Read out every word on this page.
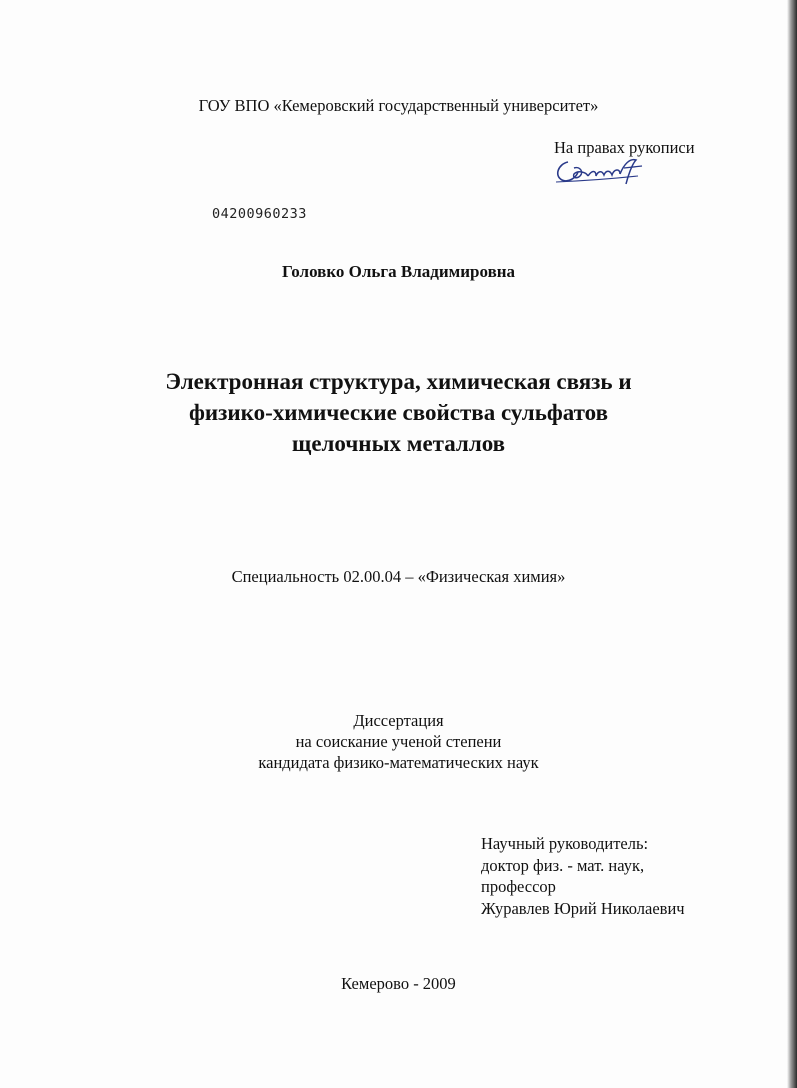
ГОУ ВПО «Кемеровский государственный университет»
На правах рукописи
04200960233
Головко Ольга Владимировна
Электронная структура, химическая связь и
физико-химические свойства сульфатов
щелочных металлов
Специальность 02.00.04 – «Физическая химия»
Диссертация
на соискание ученой степени
кандидата физико-математических наук
Научный руководитель:
доктор физ. - мат. наук,
профессор
Журавлев Юрий Николаевич
Кемерово - 2009
